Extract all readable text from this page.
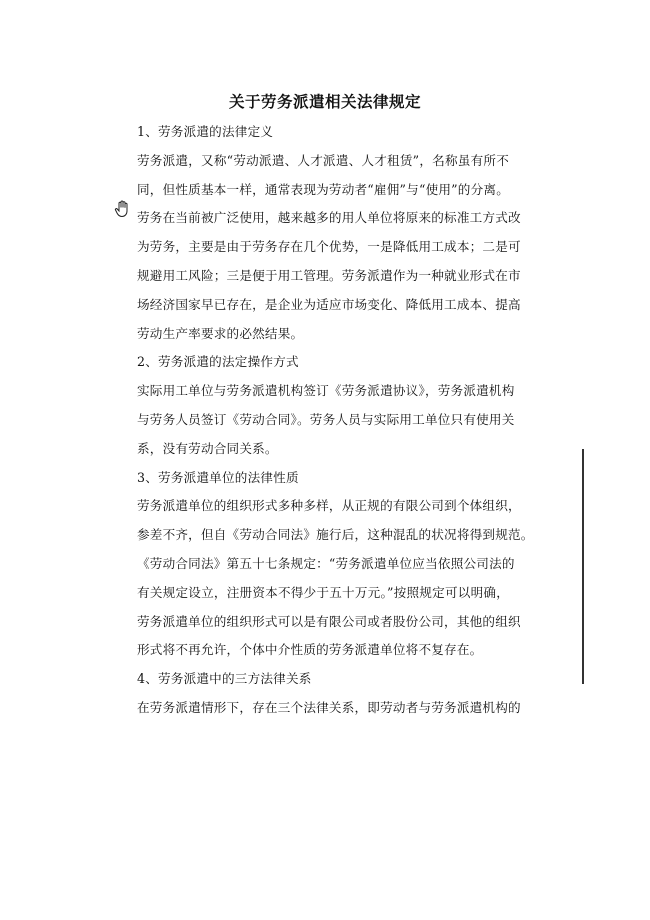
关于劳务派遣相关法律规定
1、劳务派遣的法律定义
劳务派遣，又称“劳动派遣、人才派遣、人才租赁”，名称虽有所不
同，但性质基本一样，通常表现为劳动者“雇佣”与“使用”的分离。
劳务在当前被广泛使用，越来越多的用人单位将原来的标准工方式改
为劳务，主要是由于劳务存在几个优势，一是降低用工成本；二是可
规避用工风险；三是便于用工管理。劳务派遣作为一种就业形式在市
场经济国家早已存在，是企业为适应市场变化、降低用工成本、提高
劳动生产率要求的必然结果。
2、劳务派遣的法定操作方式
实际用工单位与劳务派遣机构签订《劳务派遣协议》，劳务派遣机构
与劳务人员签订《劳动合同》。劳务人员与实际用工单位只有使用关
系，没有劳动合同关系。
3、劳务派遣单位的法律性质
劳务派遣单位的组织形式多种多样，从正规的有限公司到个体组织，
参差不齐，但自《劳动合同法》施行后，这种混乱的状况将得到规范。
《劳动合同法》第五十七条规定：“劳务派遣单位应当依照公司法的
有关规定设立，注册资本不得少于五十万元。”按照规定可以明确，
劳务派遣单位的组织形式可以是有限公司或者股份公司，其他的组织
形式将不再允许，个体中介性质的劳务派遣单位将不复存在。
4、劳务派遣中的三方法律关系
在劳务派遣情形下，存在三个法律关系，即劳动者与劳务派遣机构的
